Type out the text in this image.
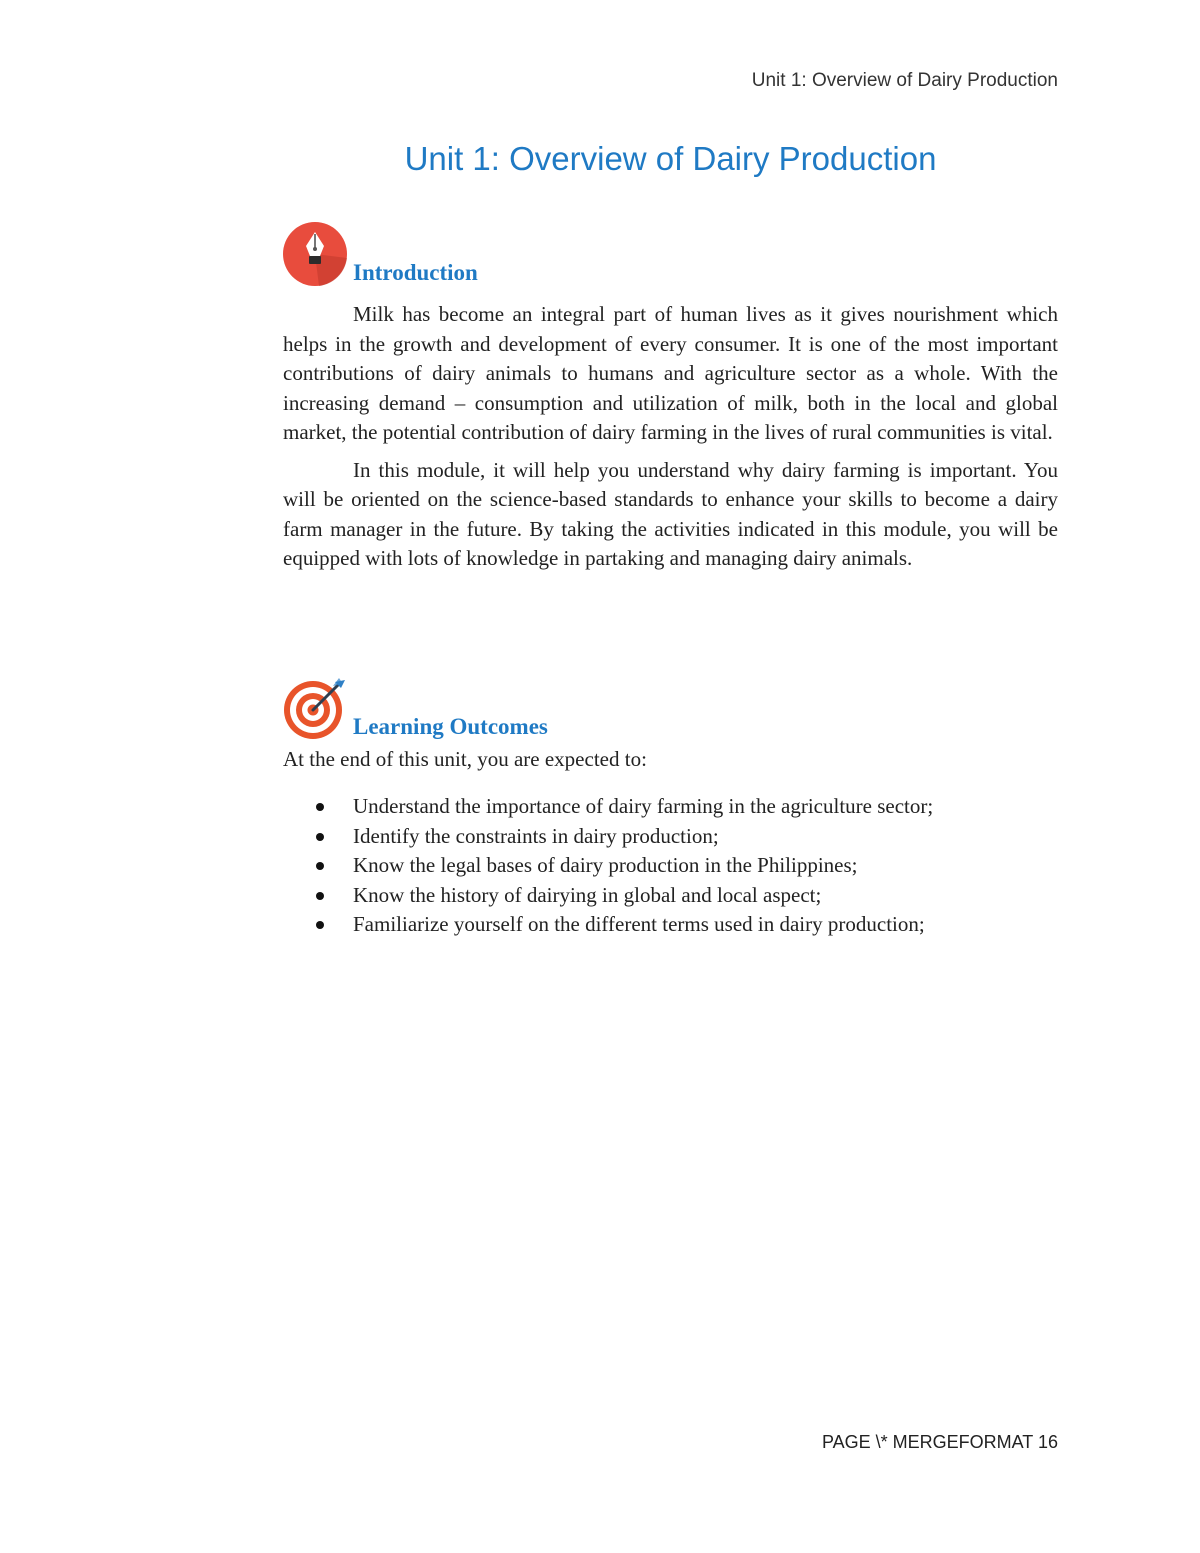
Unit 1: Overview of Dairy Production
Unit 1: Overview of Dairy Production
Introduction

Milk has become an integral part of human lives as it gives nourishment which helps in the growth and development of every consumer. It is one of the most important contributions of dairy animals to humans and agriculture sector as a whole. With the increasing demand – consumption and utilization of milk, both in the local and global market, the potential contribution of dairy farming in the lives of rural communities is vital.

In this module, it will help you understand why dairy farming is important. You will be oriented on the science-based standards to enhance your skills to become a dairy farm manager in the future. By taking the activities indicated in this module, you will be equipped with lots of knowledge in partaking and managing dairy animals.

Learning Outcomes

At the end of this unit, you are expected to:

Understand the importance of dairy farming in the agriculture sector;
Identify the constraints in dairy production;
Know the legal bases of dairy production in the Philippines;
Know the history of dairying in global and local aspect;
Familiarize yourself on the different terms used in dairy production;
PAGE \* MERGEFORMAT 16
